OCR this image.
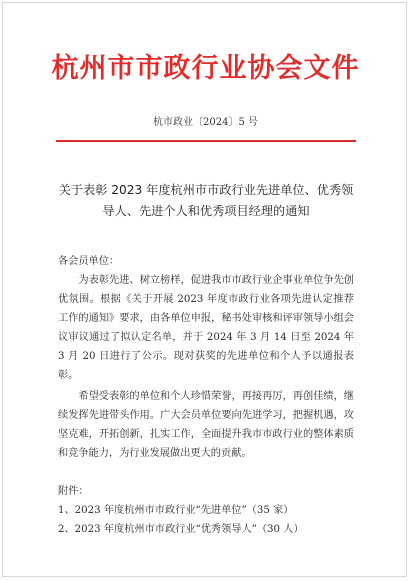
杭州市市政行业协会文件
杭市政业〔2024〕5 号
关于表彰 2023 年度杭州市市政行业先进单位、优秀领
导人、先进个人和优秀项目经理的通知

各会员单位：

为表彰先进、树立榜样，促进我市市政行业企事业单位争先创优氛围。根据《关于开展 2023 年度市政行业各项先进认定推荐工作的通知》要求，由各单位申报，秘书处审核和评审领导小组会议审议通过了拟认定名单，并于 2024 年 3 月 14 日至 2024 年 3 月 20 日进行了公示。现对获奖的先进单位和个人予以通报表彰。

希望受表彰的单位和个人珍惜荣誉，再接再厉，再创佳绩，继续发挥先进带头作用。广大会员单位要向先进学习，把握机遇，攻坚克难，开拓创新，扎实工作，全面提升我市市政行业的整体素质和竞争能力，为行业发展做出更大的贡献。

附件：

1、2023 年度杭州市市政行业“先进单位”（35 家）
2、2023 年度杭州市市政行业“优秀领导人”（30 人）
